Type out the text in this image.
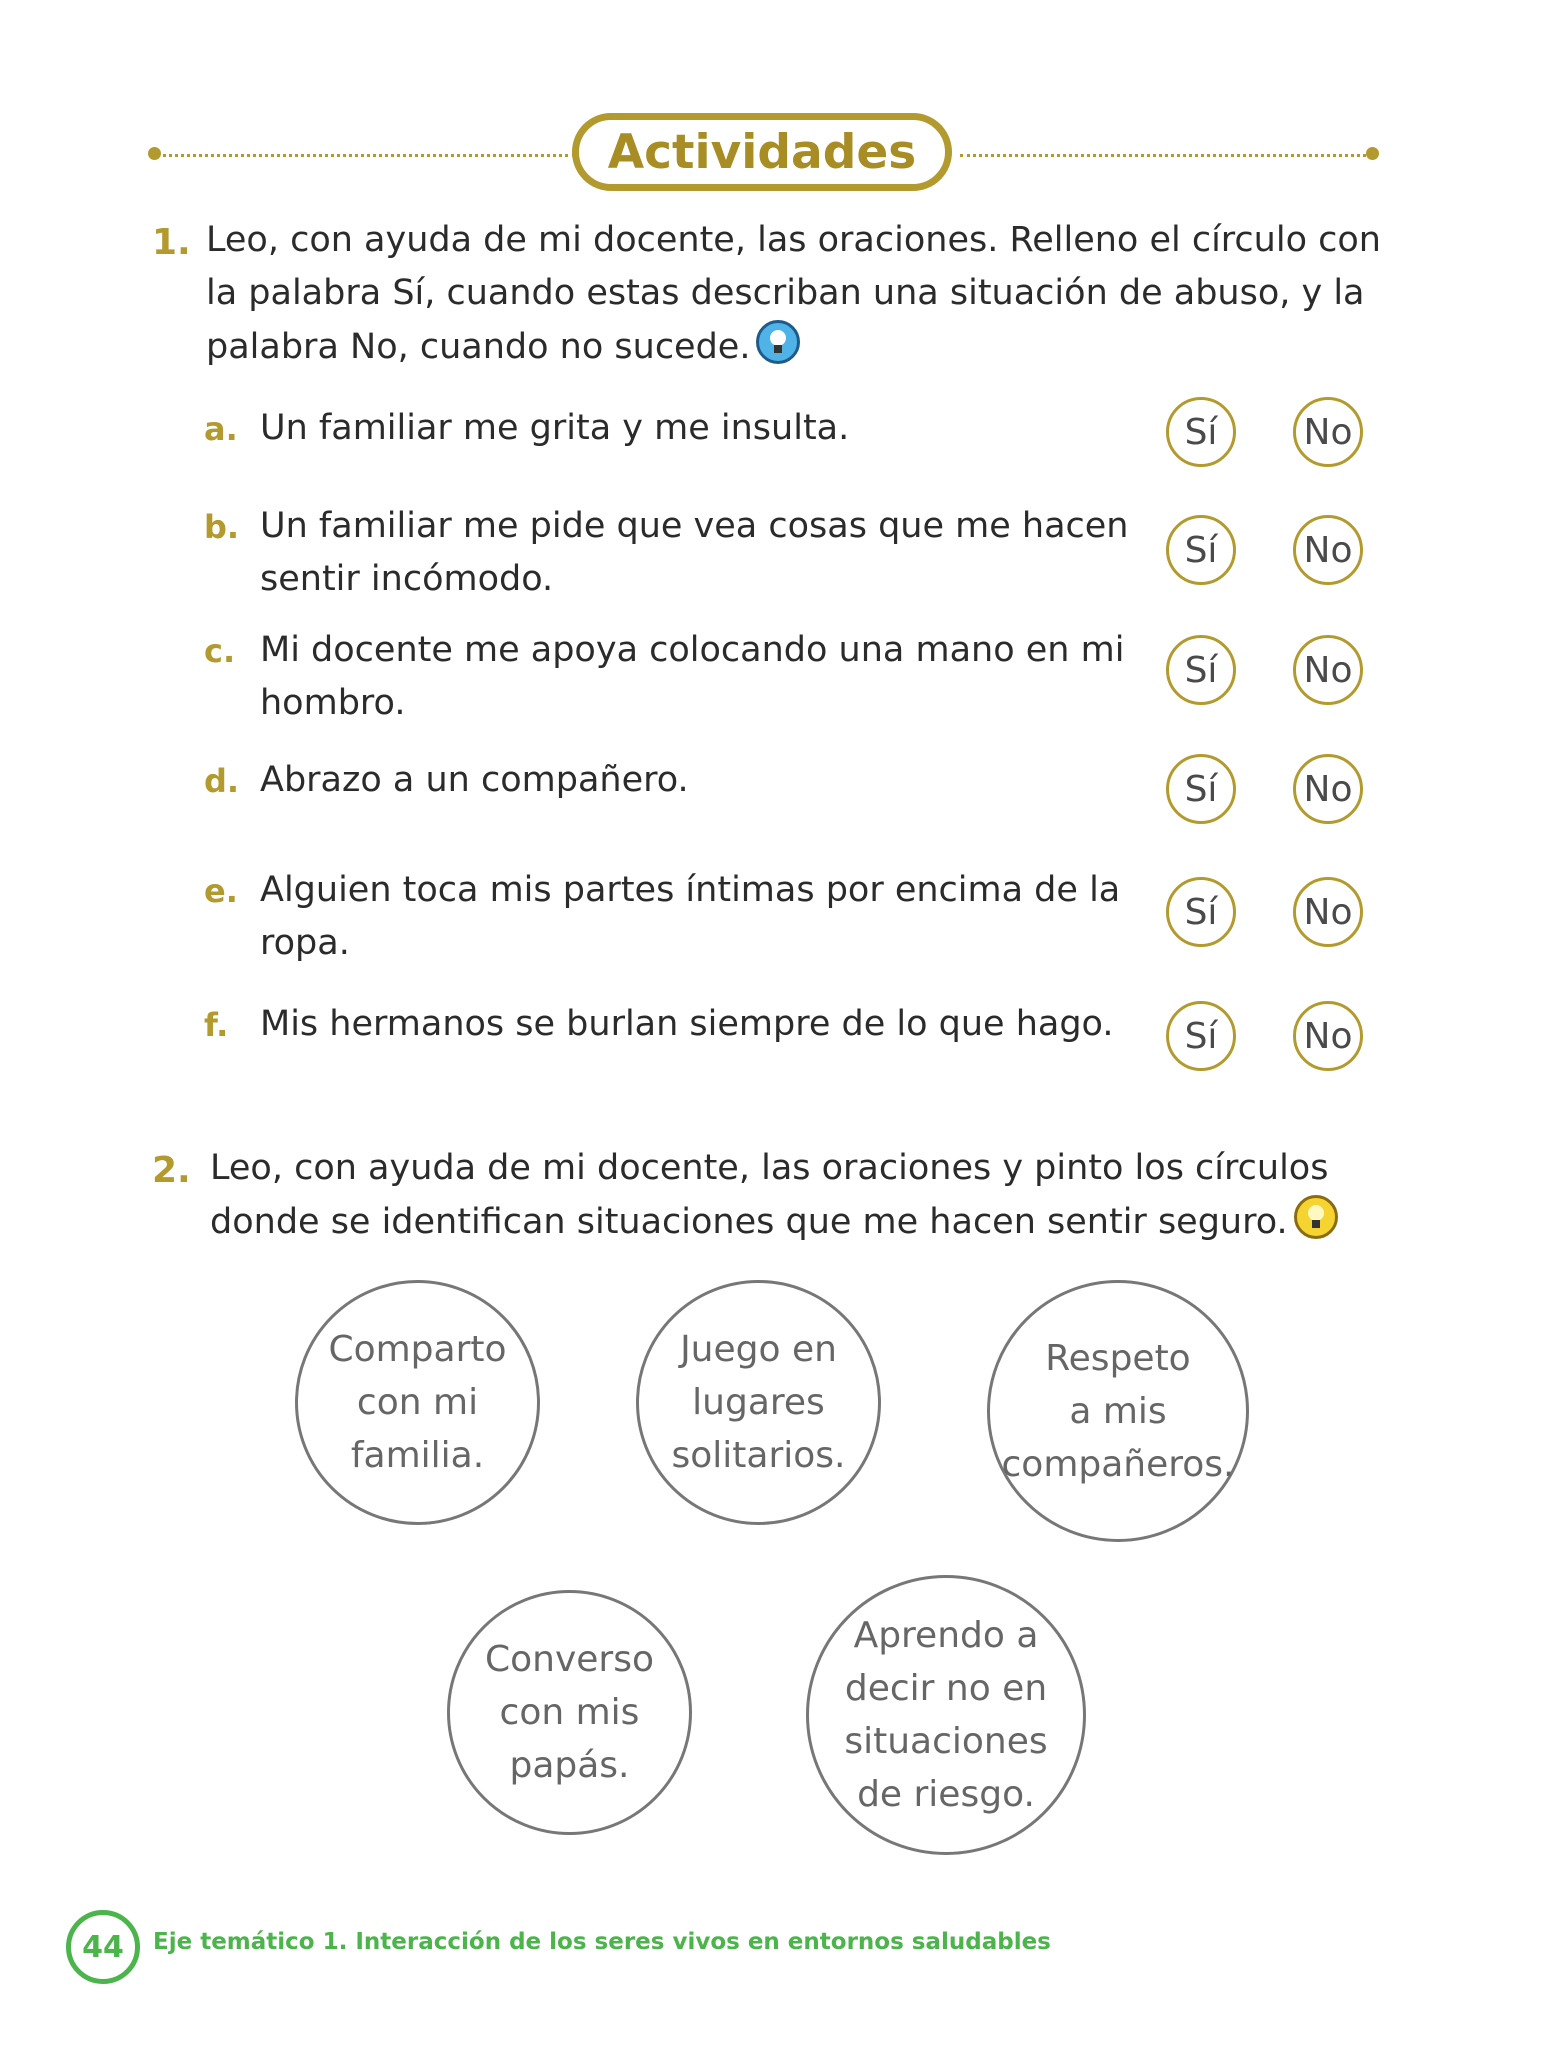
Actividades
1. Leo, con ayuda de mi docente, las oraciones. Relleno el círculo con
la palabra Sí, cuando estas describan una situación de abuso, y la
palabra No, cuando no sucede.
a. Un familiar me grita y me insulta.	Sí	No
b. Un familiar me pide que vea cosas que me hacen
sentir incómodo.
Sí	No
c. Mi docente me apoya colocando una mano en mi
hombro.
Sí	No
d. Abrazo a un compañero.	Sí	No
e. Alguien toca mis partes íntimas por encima de la
ropa.
Sí	No
f. Mis hermanos se burlan siempre de lo que hago.	Sí	No
2. Leo, con ayuda de mi docente, las oraciones y pinto los círculos
donde se identifican situaciones que me hacen sentir seguro.
Comparto
con mi
familia.
Juego en
lugares
solitarios.
Respeto
a mis
compañeros.
Converso
con mis
papás.
Aprendo a
decir no en
situaciones
de riesgo.
44	Eje temático 1. Interacción de los seres vivos en entornos saludables
